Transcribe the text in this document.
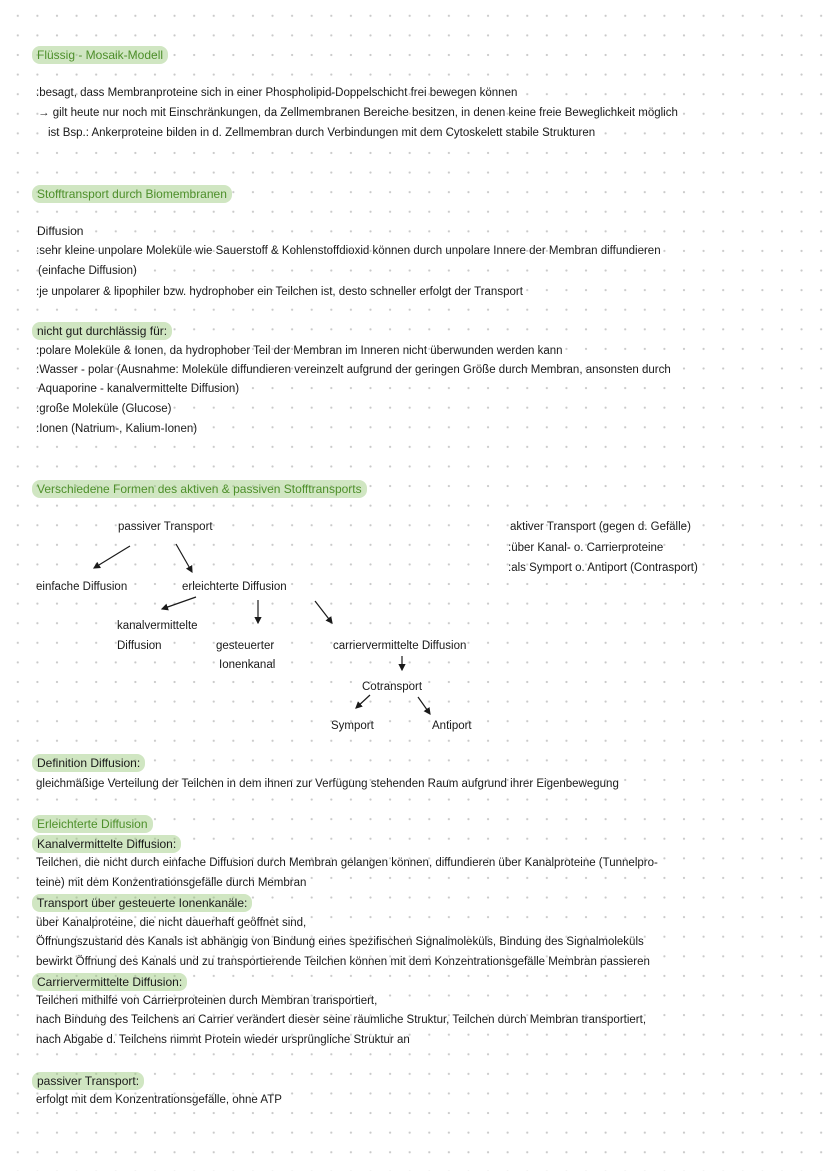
Flüssig - Mosaik-Modell
:besagt, dass Membranproteine sich in einer Phospholipid-Doppelschicht frei bewegen können
→ gilt heute nur noch mit Einschränkungen, da Zellmembranen Bereiche besitzen, in denen keine freie Beweglichkeit möglich
ist Bsp.: Ankerproteine bilden in d. Zellmembran durch Verbindungen mit dem Cytoskelett stabile Strukturen
Stofftransport durch Biomembranen
Diffusion
:sehr kleine unpolare Moleküle wie Sauerstoff & Kohlenstoffdioxid können durch unpolare Innere der Membran diffundieren
(einfache Diffusion)
:je unpolarer & lipophiler bzw. hydrophober ein Teilchen ist, desto schneller erfolgt der Transport
nicht gut durchlässig für:
:polare Moleküle & Ionen, da hydrophober Teil der Membran im Inneren nicht überwunden werden kann
:Wasser - polar (Ausnahme: Moleküle diffundieren vereinzelt aufgrund der geringen Größe durch Membran, ansonsten durch
Aquaporine - kanalvermittelte Diffusion)
:große Moleküle (Glucose)
:Ionen (Natrium-, Kalium-Ionen)
Verschiedene Formen des aktiven & passiven Stofftransports
passiver Transport
einfache Diffusion	erleichterte Diffusion
kanalvermittelte
Diffusion	gesteuerter
Ionenkanal
carriervermittelte Diffusion
Cotransport
Symport	Antiport
aktiver Transport (gegen d. Gefälle)
:über Kanal- o. Carrierproteine
:als Symport o. Antiport (Contrasport)
Definition Diffusion:
gleichmäßige Verteilung der Teilchen in dem ihnen zur Verfügung stehenden Raum aufgrund ihrer Eigenbewegung
Erleichterte Diffusion
Kanalvermittelte Diffusion:
Teilchen, die nicht durch einfache Diffusion durch Membran gelangen können, diffundieren über Kanalproteine (Tunnelpro-
teine) mit dem Konzentrationsgefälle durch Membran
Transport über gesteuerte Ionenkanäle:
über Kanalproteine, die nicht dauerhaft geöffnet sind,
Öffnungszustand des Kanals ist abhängig von Bindung eines spezifischen Signalmoleküls, Bindung des Signalmoleküls
bewirkt Öffnung des Kanals und zu transportierende Teilchen können mit dem Konzentrationsgefälle Membran passieren
Carriervermittelte Diffusion:
Teilchen mithilfe von Carrierproteinen durch Membran transportiert,
nach Bindung des Teilchens an Carrier verändert dieser seine räumliche Struktur, Teilchen durch Membran transportiert,
nach Abgabe d. Teilchens nimmt Protein wieder ursprüngliche Struktur an
passiver Transport:
erfolgt mit dem Konzentrationsgefälle, ohne ATP
